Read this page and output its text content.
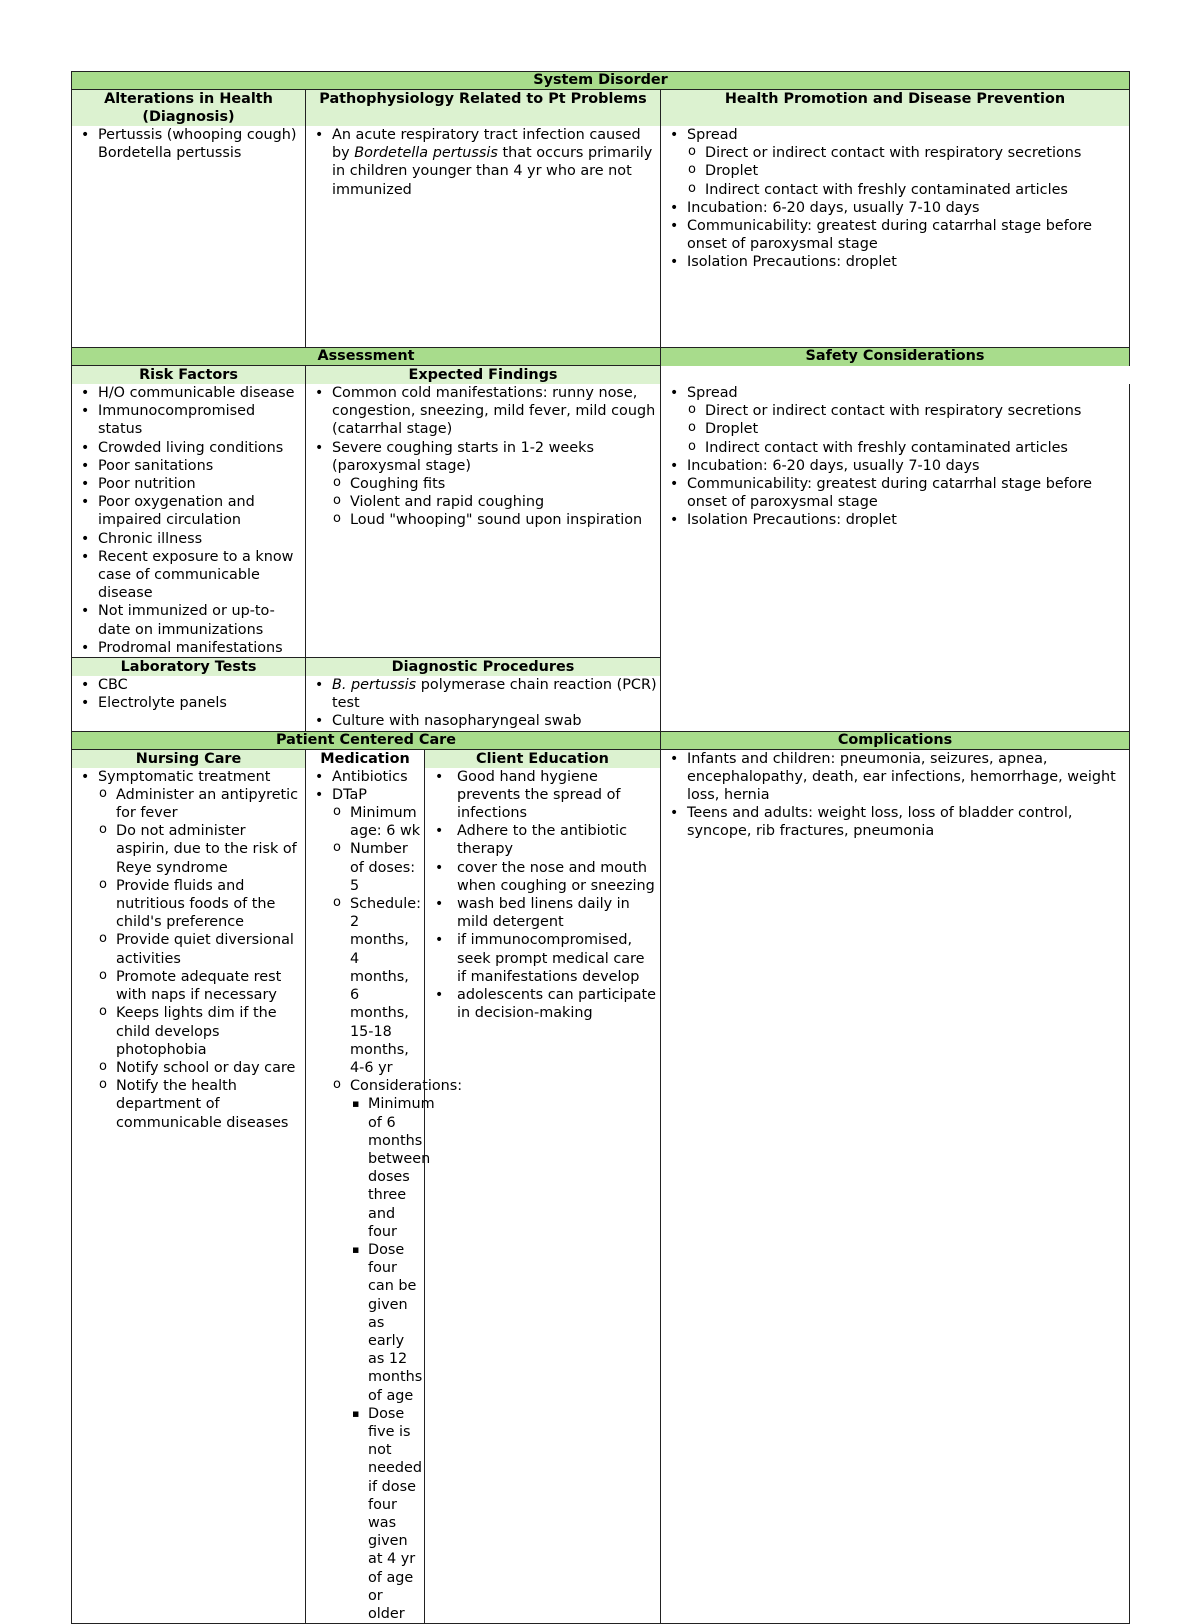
System Disorder
Alterations in Health (Diagnosis)
Pathophysiology Related to Pt Problems	Health Promotion and Disease Prevention
• Pertussis (whooping cough) Bordetella pertussis
• An acute respiratory tract infection caused by Bordetella pertussis that occurs primarily in children younger than 4 yr who are not immunized
• Spread
o Direct or indirect contact with respiratory secretions
o Droplet
o Indirect contact with freshly contaminated articles
• Incubation: 6-20 days, usually 7-10 days
• Communicability: greatest during catarrhal stage before onset of paroxysmal stage
• Isolation Precautions: droplet
Assessment	Safety Considerations
Risk Factors	Expected Findings
• Spread
o Direct or indirect contact with respiratory secretions
o Droplet
o Indirect contact with freshly contaminated articles
• Incubation: 6-20 days, usually 7-10 days
• Communicability: greatest during catarrhal stage before onset of paroxysmal stage
• Isolation Precautions: droplet
• H/O communicable disease
• Immunocompromised status
• Crowded living conditions
• Poor sanitations
• Poor nutrition
• Poor oxygenation and impaired circulation
• Chronic illness
• Recent exposure to a know case of communicable disease
• Not immunized or up-to-date on immunizations
• Prodromal manifestations
• Common cold manifestations: runny nose, congestion, sneezing, mild fever, mild cough (catarrhal stage)
• Severe coughing starts in 1-2 weeks (paroxysmal stage)
o Coughing fits
o Violent and rapid coughing
o Loud "whooping" sound upon inspiration
Laboratory Tests	Diagnostic Procedures
• CBC
• Electrolyte panels
• B. pertussis polymerase chain reaction (PCR) test
• Culture with nasopharyngeal swab
Patient Centered Care	Complications
Nursing Care	Medication	Client Education
•	Infants and children: pneumonia, seizures, apnea, encephalopathy, death, ear infections, hemorrhage, weight loss, hernia
• Teens and adults: weight loss, loss of bladder control, syncope, rib fractures, pneumonia
• Symptomatic treatment
o Administer an antipyretic for fever
o Do not administer aspirin, due to the risk of Reye syndrome
o Provide fluids and nutritious foods of the child's preference
o Provide quiet diversional activities
o Promote adequate rest with naps if necessary
o Keeps lights dim if the child develops photophobia
o Notify school or day care
o Notify the health department of communicable diseases
• Antibiotics
• DTaP
o Minimum age: 6 wk
o Number of doses: 5
o Schedule: 2 months, 4 months, 6 months, 15-18 months, 4-6 yr
o Considerations:
▪ Minimum of 6 months between doses three and four
▪ Dose four can be given as early as 12 months of age
▪ Dose five is not needed if dose four was given at 4 yr of age or older
• Good hand hygiene prevents the spread of infections
• Adhere to the antibiotic therapy
• cover the nose and mouth when coughing or sneezing
• wash bed linens daily in mild detergent
• if immunocompromised, seek prompt medical care if manifestations develop
• adolescents can participate in decision-making
